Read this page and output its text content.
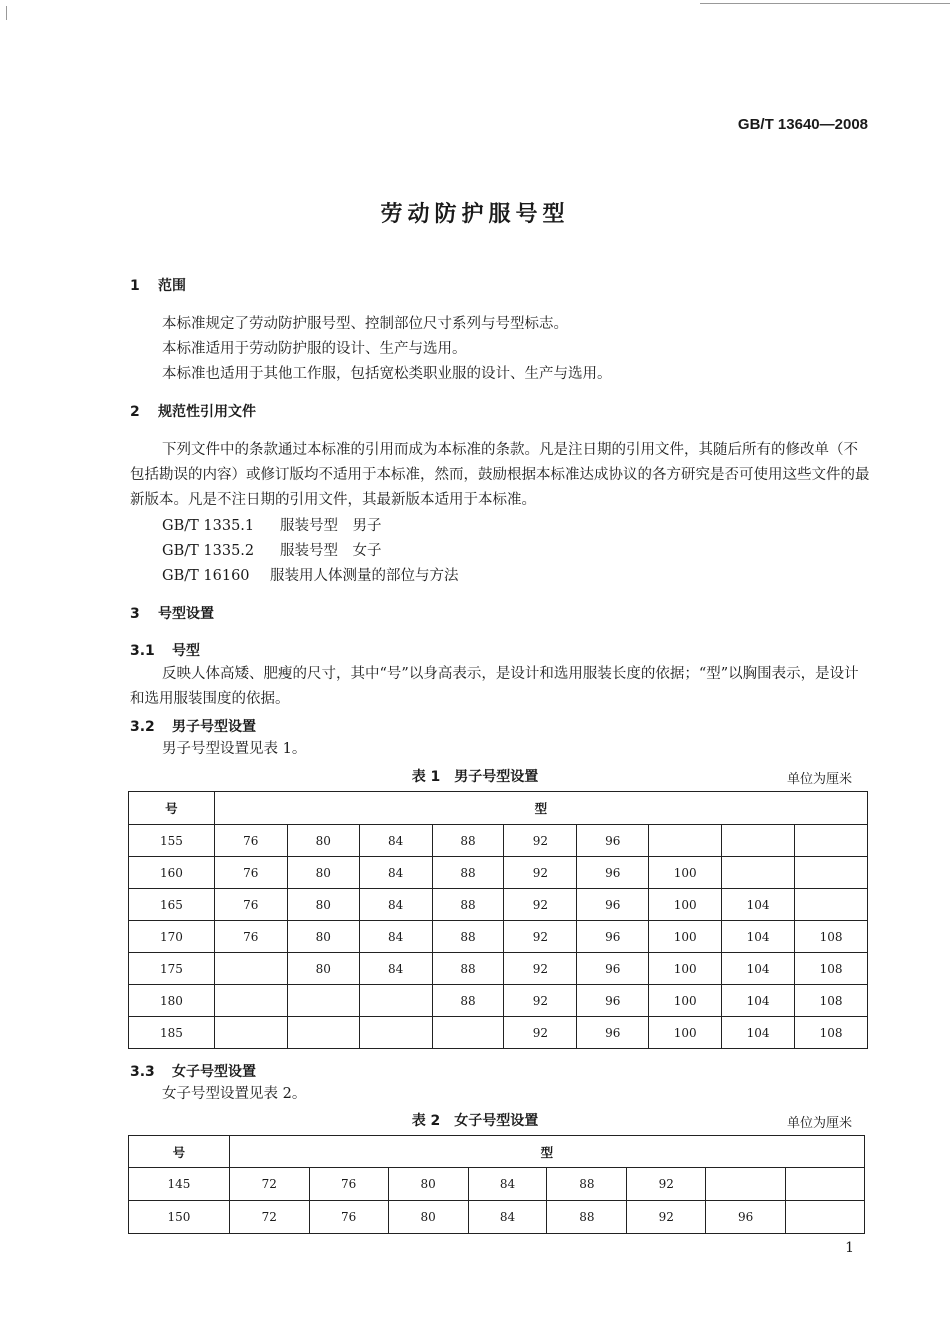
GB/T 13640—2008
劳动防护服号型
1 范围
本标准规定了劳动防护服号型、控制部位尺寸系列与号型标志。
本标准适用于劳动防护服的设计、生产与选用。
本标准也适用于其他工作服，包括宽松类职业服的设计、生产与选用。
2 规范性引用文件
下列文件中的条款通过本标准的引用而成为本标准的条款。凡是注日期的引用文件，其随后所有的修改单（不包括勘误的内容）或修订版均不适用于本标准，然而，鼓励根据本标准达成协议的各方研究是否可使用这些文件的最新版本。凡是不注日期的引用文件，其最新版本适用于本标准。
GB/T 1335.1 服装号型　男子
GB/T 1335.2 服装号型　女子
GB/T 16160 服装用人体测量的部位与方法
3 号型设置
3.1 号型
反映人体高矮、肥瘦的尺寸，其中“号”以身高表示，是设计和选用服装长度的依据；“型”以胸围表示，是设计和选用服装围度的依据。
3.2 男子号型设置
男子号型设置见表 1。
表 1　男子号型设置	单位为厘米
号	型								
155	76	80	84	88	92	96			
160	76	80	84	88	92	96	100		
165	76	80	84	88	92	96	100	104	
170	76	80	84	88	92	96	100	104	108
175		80	84	88	92	96	100	104	108
180				88	92	96	100	104	108
185					92	96	100	104	108
3.3 女子号型设置
女子号型设置见表 2。
表 2　女子号型设置	单位为厘米
号	型							
145	72	76	80	84	88	92		
150	72	76	80	84	88	92	96	
1
